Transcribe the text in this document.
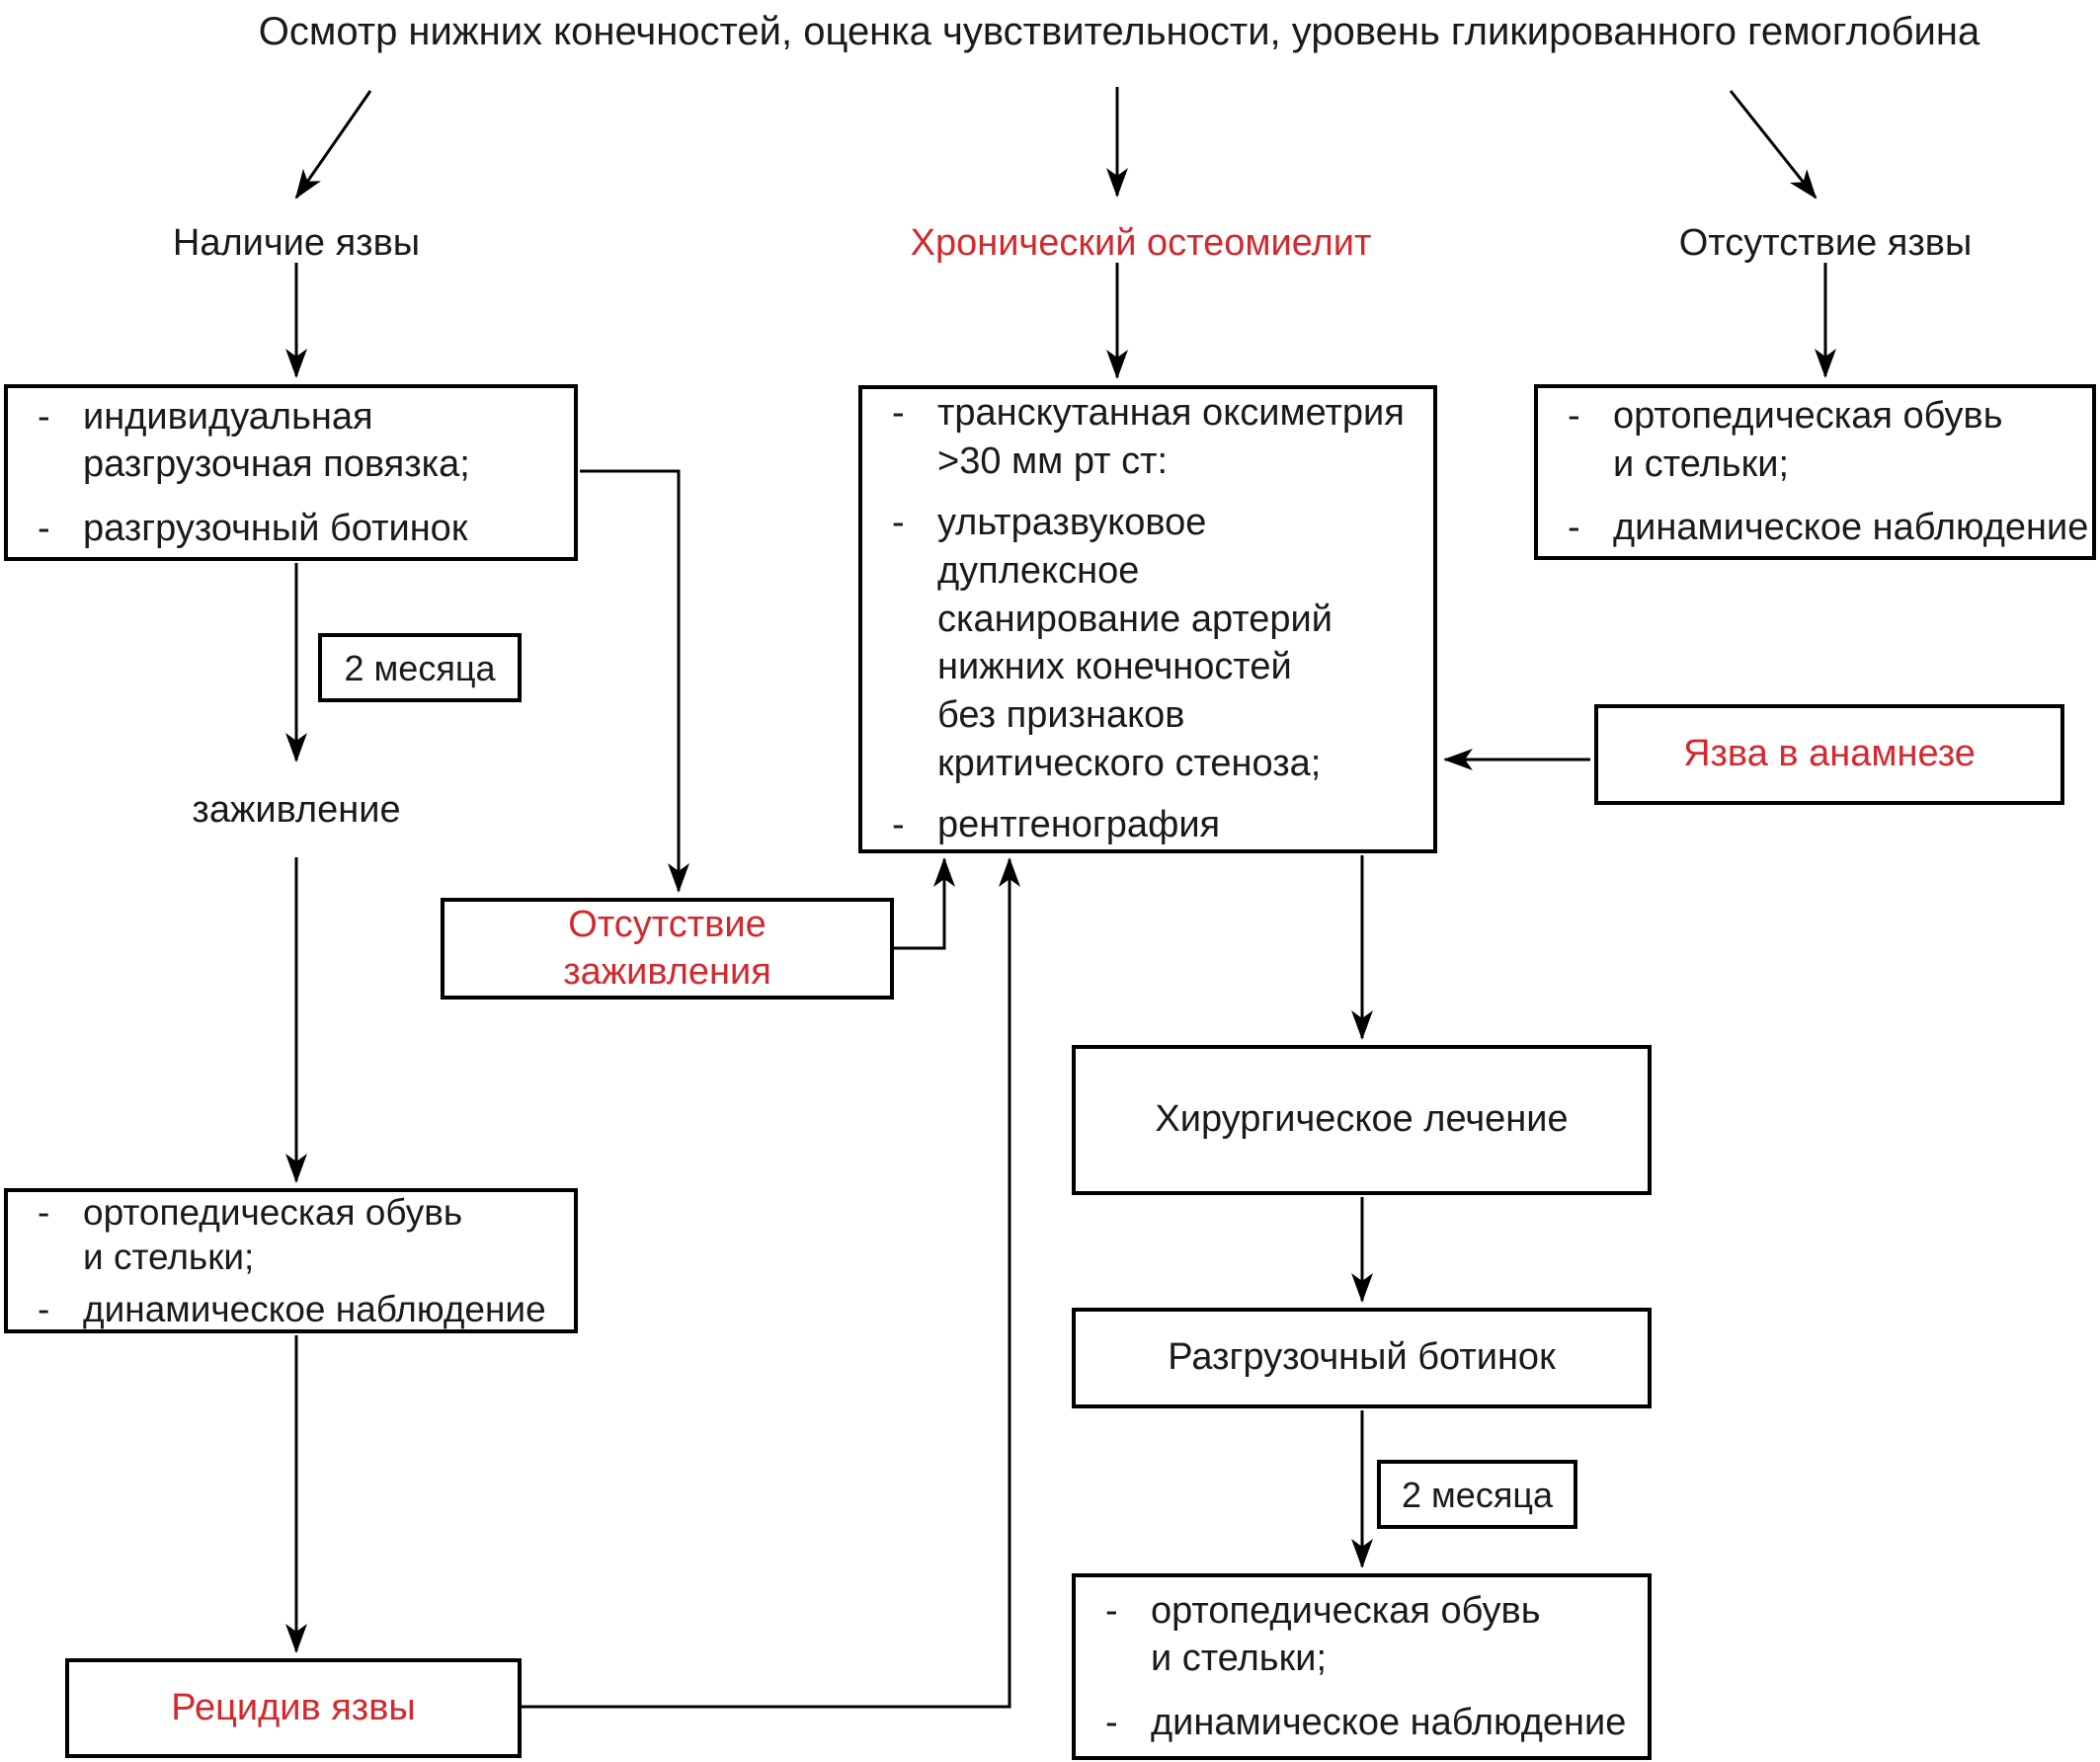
Осмотр нижних конечностей, оценка чувствительности, уровень гликированного гемоглобина
Наличие язвы	Хронический остеомиелит	Отсутствие язвы
- индивидуальная
разгрузочная повязка;
- разгрузочный ботинок
- транскутанная оксиметрия
>30 мм рт ст:
- ультразвуковое
дуплексное
сканирование артерий
нижних конечностей
без признаков
критического стеноза;
- рентгенография
- ортопедическая обувь
и стельки;
- динамическое наблюдение
2 месяца
заживление
Отсутствие
заживления
Язва в анамнезе
Хирургическое лечение
Разгрузочный ботинок
2 месяца
- ортопедическая обувь
и стельки;
- динамическое наблюдение
- ортопедическая обувь
и стельки;
- динамическое наблюдение
Рецидив язвы
